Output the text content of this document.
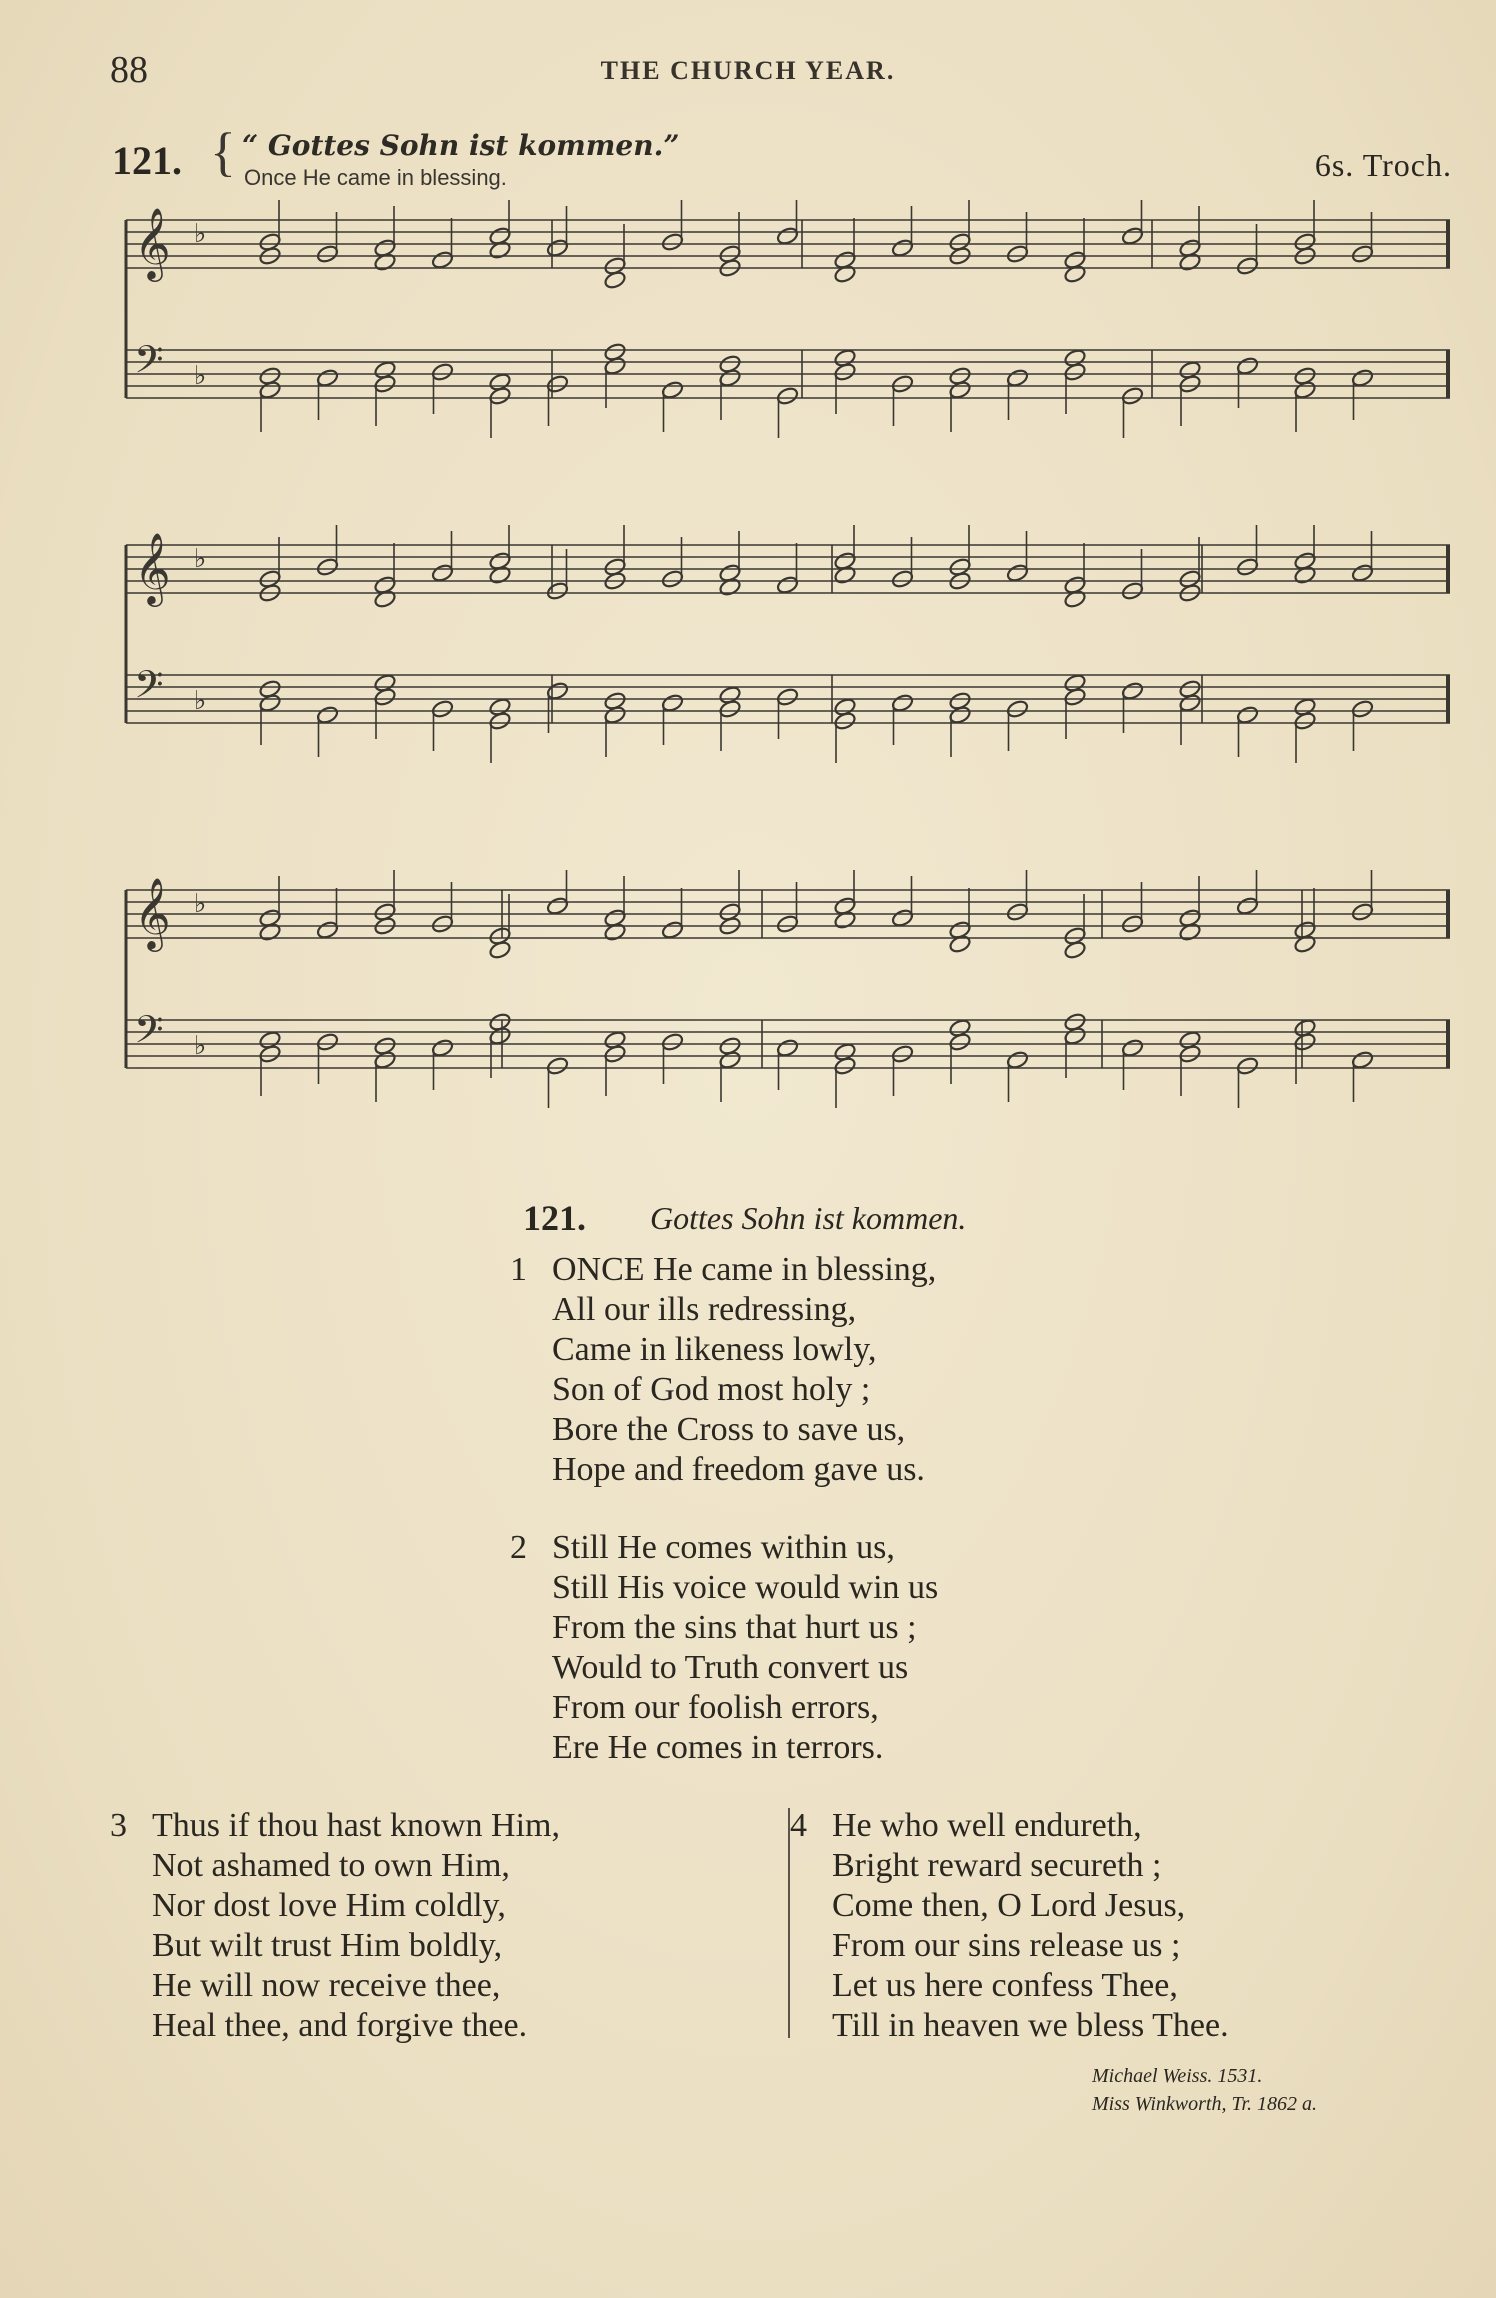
88	THE CHURCH YEAR.
121. { “ Gottes Sohn ist kommen.”
Once He came in blessing.	6s. Troch.
𝄞 ♭
𝄢 ♭
𝄞 ♭
𝄢 ♭
𝄞 ♭
𝄢 ♭
121. Gottes Sohn ist kommen.
1 ONCE He came in blessing,
All our ills redressing,
Came in likeness lowly,
Son of God most holy ;
Bore the Cross to save us,
Hope and freedom gave us.
2 Still He comes within us,
Still His voice would win us
From the sins that hurt us ;
Would to Truth convert us
From our foolish errors,
Ere He comes in terrors.
3 Thus if thou hast known Him,
Not ashamed to own Him,
Nor dost love Him coldly,
But wilt trust Him boldly,
He will now receive thee,
Heal thee, and forgive thee.
4 He who well endureth,
Bright reward secureth ;
Come then, O Lord Jesus,
From our sins release us ;
Let us here confess Thee,
Till in heaven we bless Thee.
Michael Weiss. 1531.
Miss Winkworth, Tr. 1862 a.
